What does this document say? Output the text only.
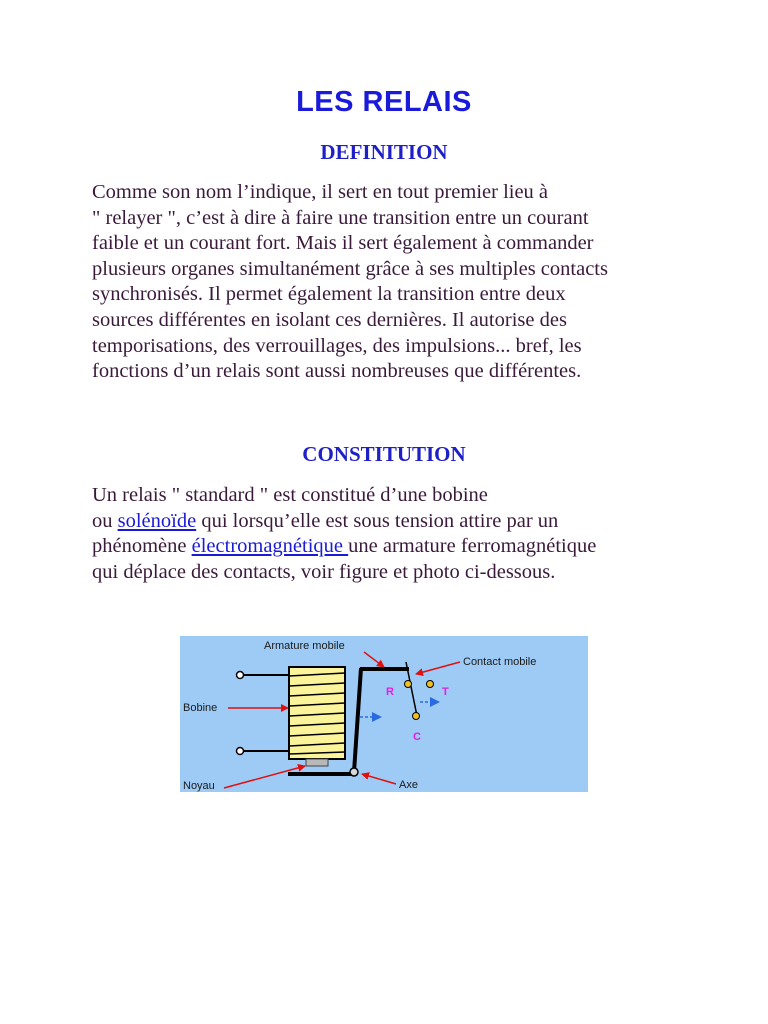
LES RELAIS
DEFINITION

Comme son nom l’indique, il sert en tout premier lieu à
" relayer ", c’est à dire à faire une transition entre un courant
faible et un courant fort. Mais il sert également à commander
plusieurs organes simultanément grâce à ses multiples contacts
synchronisés. Il permet également la transition entre deux
sources différentes en isolant ces dernières. Il autorise des
temporisations, des verrouillages, des impulsions... bref, les
fonctions d’un relais sont aussi nombreuses que différentes.

CONSTITUTION

Un relais " standard " est constitué d’une bobine
ou solénoïde qui lorsqu’elle est sous tension attire par un
phénomène électromagnétique une armature ferromagnétique
qui déplace des contacts, voir figure et photo ci-dessous.

Armature mobile
Contact mobile
Bobine
Noyau	Axe
R	T
C
